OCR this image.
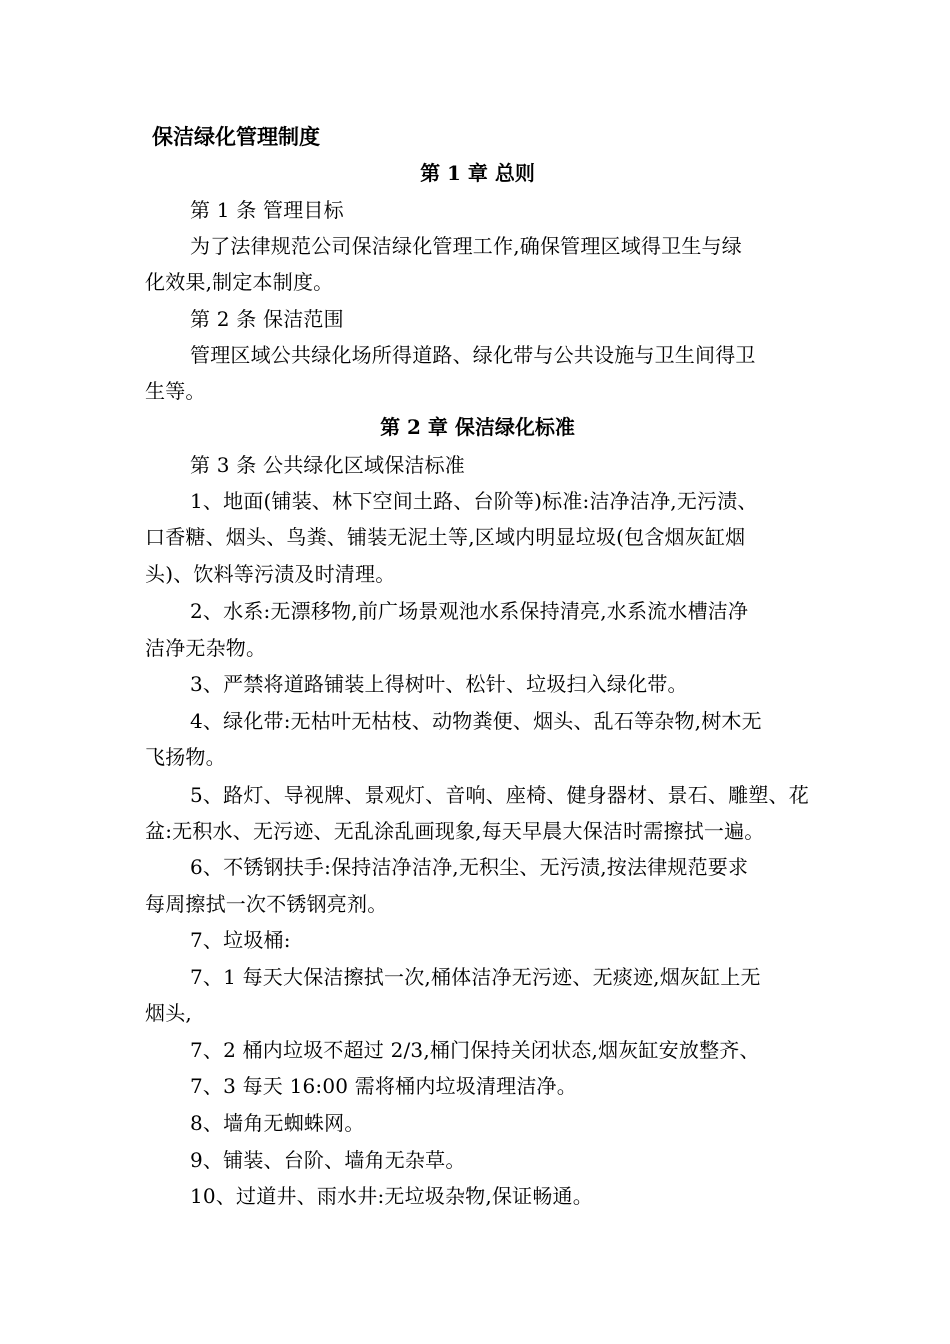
保洁绿化管理制度
第 1 章 总则
第 1 条 管理目标
为了法律规范公司保洁绿化管理工作,确保管理区域得卫生与绿
化效果,制定本制度。
第 2 条 保洁范围
管理区域公共绿化场所得道路、绿化带与公共设施与卫生间得卫
生等。
第 2 章 保洁绿化标准
第 3 条 公共绿化区域保洁标准
1、地面(铺装、林下空间土路、台阶等)标准:洁净洁净,无污渍、
口香糖、烟头、鸟粪、铺装无泥土等,区域内明显垃圾(包含烟灰缸烟
头)、饮料等污渍及时清理。
2、水系:无漂移物,前广场景观池水系保持清亮,水系流水槽洁净
洁净无杂物。
3、严禁将道路铺装上得树叶、松针、垃圾扫入绿化带。
4、绿化带:无枯叶无枯枝、动物粪便、烟头、乱石等杂物,树木无
飞扬物。
5、路灯、导视牌、景观灯、音响、座椅、健身器材、景石、雕塑、花
盆:无积水、无污迹、无乱涂乱画现象,每天早晨大保洁时需擦拭一遍。
6、不锈钢扶手:保持洁净洁净,无积尘、无污渍,按法律规范要求
每周擦拭一次不锈钢亮剂。
7、垃圾桶:
7、1 每天大保洁擦拭一次,桶体洁净无污迹、无痰迹,烟灰缸上无
烟头,
7、2 桶内垃圾不超过 2/3,桶门保持关闭状态,烟灰缸安放整齐、
7、3 每天 16:00 需将桶内垃圾清理洁净。
8、墙角无蜘蛛网。
9、铺装、台阶、墙角无杂草。
10、过道井、雨水井:无垃圾杂物,保证畅通。
